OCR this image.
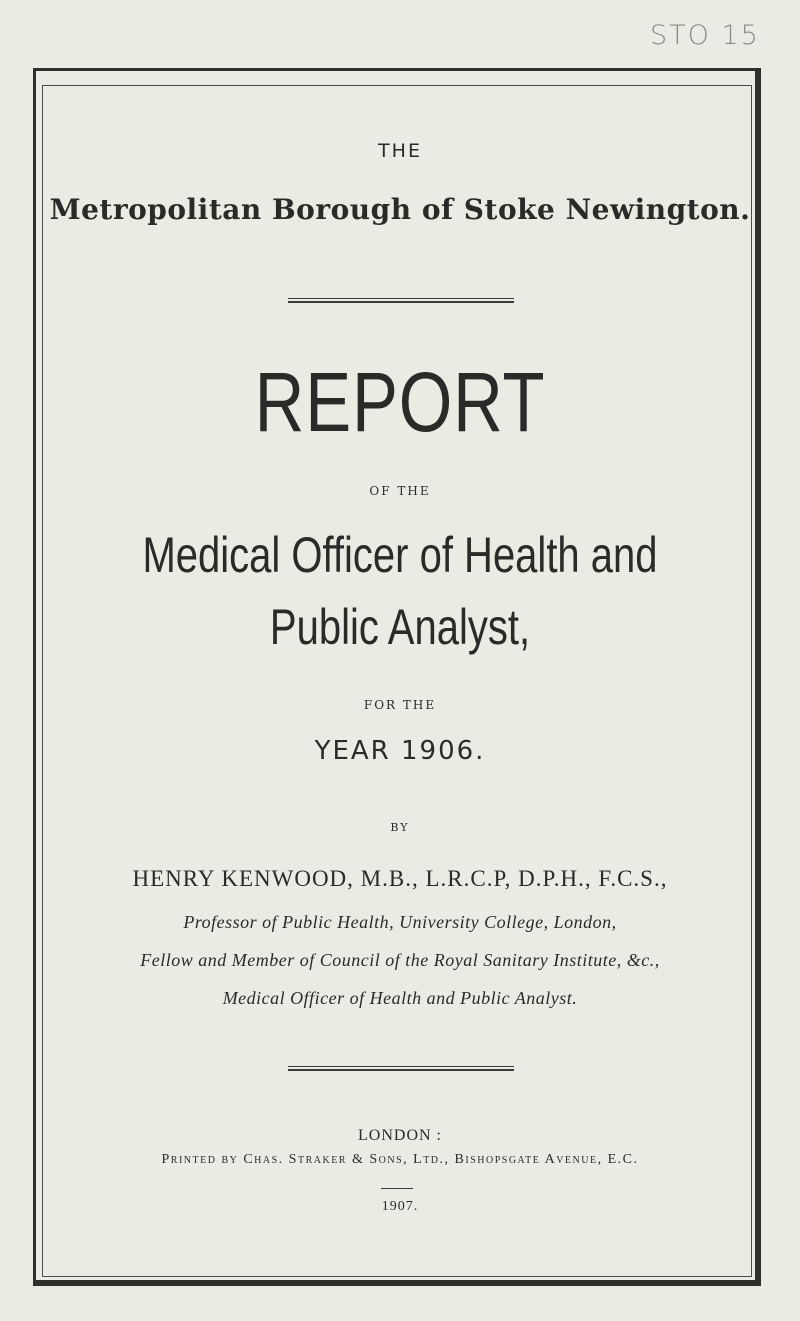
STO 15
THE
Metropolitan Borough of Stoke Newington.
REPORT
OF THE
Medical Officer of Health and
Public Analyst,
FOR THE
YEAR 1906.
BY
HENRY KENWOOD, M.B., L.R.C.P, D.P.H., F.C.S.,
Professor of Public Health, University College, London,
Fellow and Member of Council of the Royal Sanitary Institute, &c.,
Medical Officer of Health and Public Analyst.
LONDON :
Printed by Chas. Straker & Sons, Ltd., Bishopsgate Avenue, E.C.
1907.
